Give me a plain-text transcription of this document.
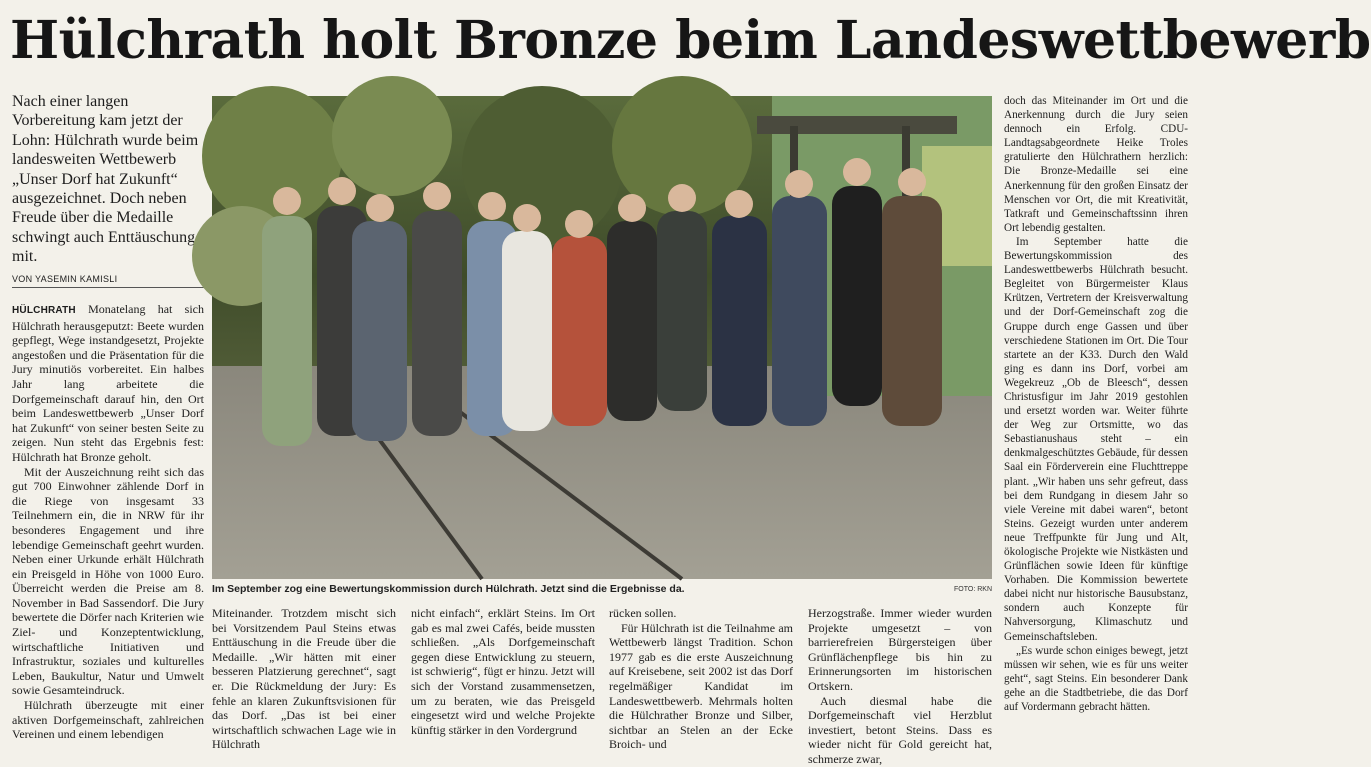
Hülchrath holt Bronze beim Landeswettbewerb
Nach einer langen Vorbereitung kam jetzt der Lohn: Hülchrath wurde beim landesweiten Wettbewerb „Unser Dorf hat Zukunft“ ausgezeichnet. Doch neben Freude über die Medaille schwingt auch Enttäuschung mit.
VON YASEMIN KAMISLI

HÜLCHRATH Monatelang hat sich Hülchrath herausgeputzt: Beete wurden gepflegt, Wege instandgesetzt, Projekte angestoßen und die Präsentation für die Jury minutiös vorbereitet. Ein halbes Jahr lang arbeitete die Dorfgemeinschaft darauf hin, den Ort beim Landeswettbewerb „Unser Dorf hat Zukunft“ von seiner besten Seite zu zeigen. Nun steht das Ergebnis fest: Hülchrath hat Bronze geholt.

Mit der Auszeichnung reiht sich das gut 700 Einwohner zählende Dorf in die Riege von insgesamt 33 Teilnehmern ein, die in NRW für ihr besonderes Engagement und ihre lebendige Gemeinschaft geehrt wurden. Neben einer Urkunde erhält Hülchrath ein Preisgeld in Höhe von 1000 Euro. Überreicht werden die Preise am 8. November in Bad Sassendorf. Die Jury bewertete die Dörfer nach Kriterien wie Ziel- und Konzeptentwicklung, wirtschaftliche Initiativen und Infrastruktur, soziales und kulturelles Leben, Baukultur, Natur und Umwelt sowie Gesamteindruck.

Hülchrath überzeugte mit einer aktiven Dorfgemeinschaft, zahlreichen Vereinen und einem lebendigen

Im September zog eine Bewertungskommission durch Hülchrath. Jetzt sind die Ergebnisse da.	FOTO: RKN

Miteinander. Trotzdem mischt sich bei Vorsitzendem Paul Steins etwas Enttäuschung in die Freude über die Medaille. „Wir hätten mit einer besseren Platzierung gerechnet“, sagt er. Die Rückmeldung der Jury: Es fehle an klaren Zukunftsvisionen für das Dorf. „Das ist bei einer wirtschaftlich schwachen Lage wie in Hülchrath

nicht einfach“, erklärt Steins. Im Ort gab es mal zwei Cafés, beide mussten schließen. „Als Dorfgemeinschaft gegen diese Entwicklung zu steuern, ist schwierig“, fügt er hinzu. Jetzt will sich der Vorstand zusammensetzen, um zu beraten, wie das Preisgeld eingesetzt wird und welche Projekte künftig stärker in den Vordergrund

rücken sollen.

Für Hülchrath ist die Teilnahme am Wettbewerb längst Tradition. Schon 1977 gab es die erste Auszeichnung auf Kreisebene, seit 2002 ist das Dorf regelmäßiger Kandidat im Landeswettbewerb. Mehrmals holten die Hülchrather Bronze und Silber, sichtbar an Stelen an der Ecke Broich- und

Herzogstraße. Immer wieder wurden Projekte umgesetzt – von barrierefreien Bürgersteigen über Grünflächenpflege bis hin zu Erinnerungsorten im historischen Ortskern.

Auch diesmal habe die Dorfgemeinschaft viel Herzblut investiert, betont Steins. Dass es wieder nicht für Gold gereicht hat, schmerze zwar,

doch das Miteinander im Ort und die Anerkennung durch die Jury seien dennoch ein Erfolg. CDU-Landtagsabgeordnete Heike Troles gratulierte den Hülchrathern herzlich: Die Bronze-Medaille sei eine Anerkennung für den großen Einsatz der Menschen vor Ort, die mit Kreativität, Tatkraft und Gemeinschaftssinn ihren Ort lebendig gestalten.

Im September hatte die Bewertungskommission des Landeswettbewerbs Hülchrath besucht. Begleitet von Bürgermeister Klaus Krützen, Vertretern der Kreisverwaltung und der Dorf-Gemeinschaft zog die Gruppe durch enge Gassen und über verschiedene Stationen im Ort. Die Tour startete an der K33. Durch den Wald ging es dann ins Dorf, vorbei am Wegekreuz „Ob de Bleesch“, dessen Christusfigur im Jahr 2019 gestohlen und ersetzt worden war. Weiter führte der Weg zur Ortsmitte, wo das Sebastianushaus steht – ein denkmalgeschütztes Gebäude, für dessen Saal ein Förderverein eine Fluchttreppe plant. „Wir haben uns sehr gefreut, dass bei dem Rundgang in diesem Jahr so viele Vereine mit dabei waren“, betont Steins. Gezeigt wurden unter anderem neue Treffpunkte für Jung und Alt, ökologische Projekte wie Nistkästen und Grünflächen sowie Ideen für künftige Vorhaben. Die Kommission bewertete dabei nicht nur historische Bausubstanz, sondern auch Konzepte für Nahversorgung, Klimaschutz und Gemeinschaftsleben.

„Es wurde schon einiges bewegt, jetzt müssen wir sehen, wie es für uns weiter geht“, sagt Steins. Ein besonderer Dank gehe an die Stadtbetriebe, die das Dorf auf Vordermann gebracht hätten.
